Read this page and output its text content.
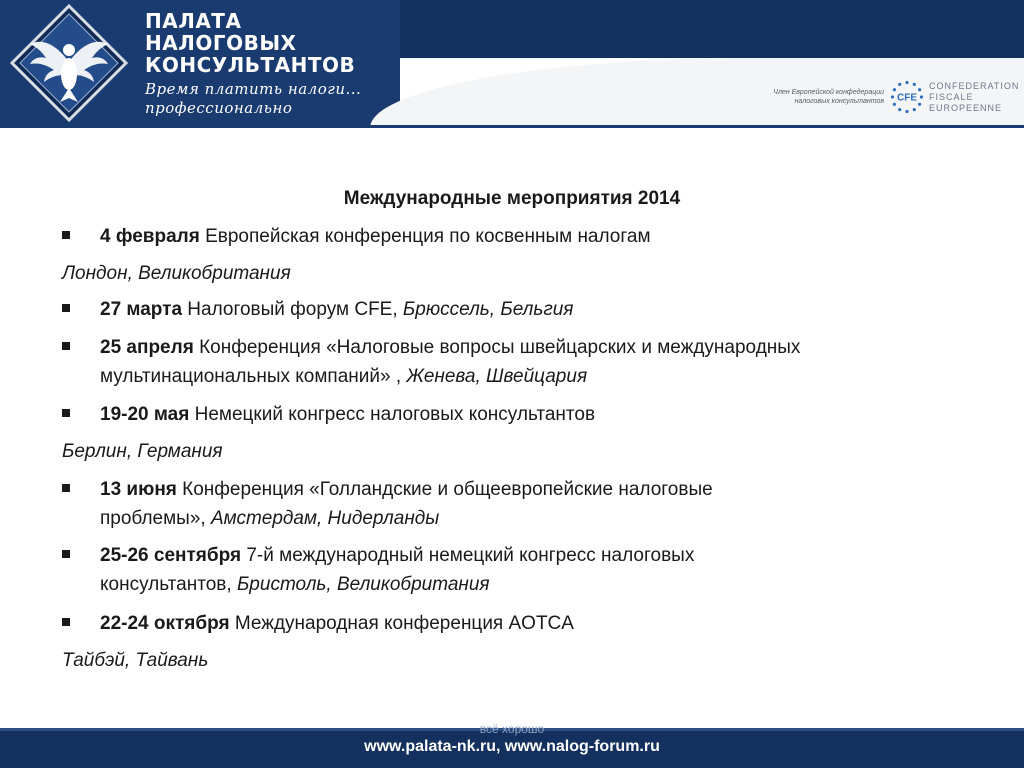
ПАЛАТА
НАЛОГОВЫХ
КОНСУЛЬТАНТОВ
Время платить налоги...
профессионально
Член Европейской конфедерации
налоговых консультантов CFE
CONFEDERATION
FISCALE
EUROPEENNE
Международные мероприятия 2014
4 февраля Европейская конференция по косвенным налогам
Лондон, Великобритания
27 марта Налоговый форум CFE, Брюссель, Бельгия
25 апреля Конференция «Налоговые вопросы швейцарских и международных
мультинациональных компаний» , Женева, Швейцария
19-20 мая Немецкий конгресс налоговых консультантов
Берлин, Германия
13 июня Конференция «Голландские и общеевропейские налоговые
проблемы», Амстердам, Нидерланды
25-26 сентября 7-й международный немецкий конгресс налоговых
консультантов, Бристоль, Великобритания
22-24 октября Международная конференция AOTCA
Тайбэй, Тайвань
всё хорошо
www.palata-nk.ru, www.nalog-forum.ru
